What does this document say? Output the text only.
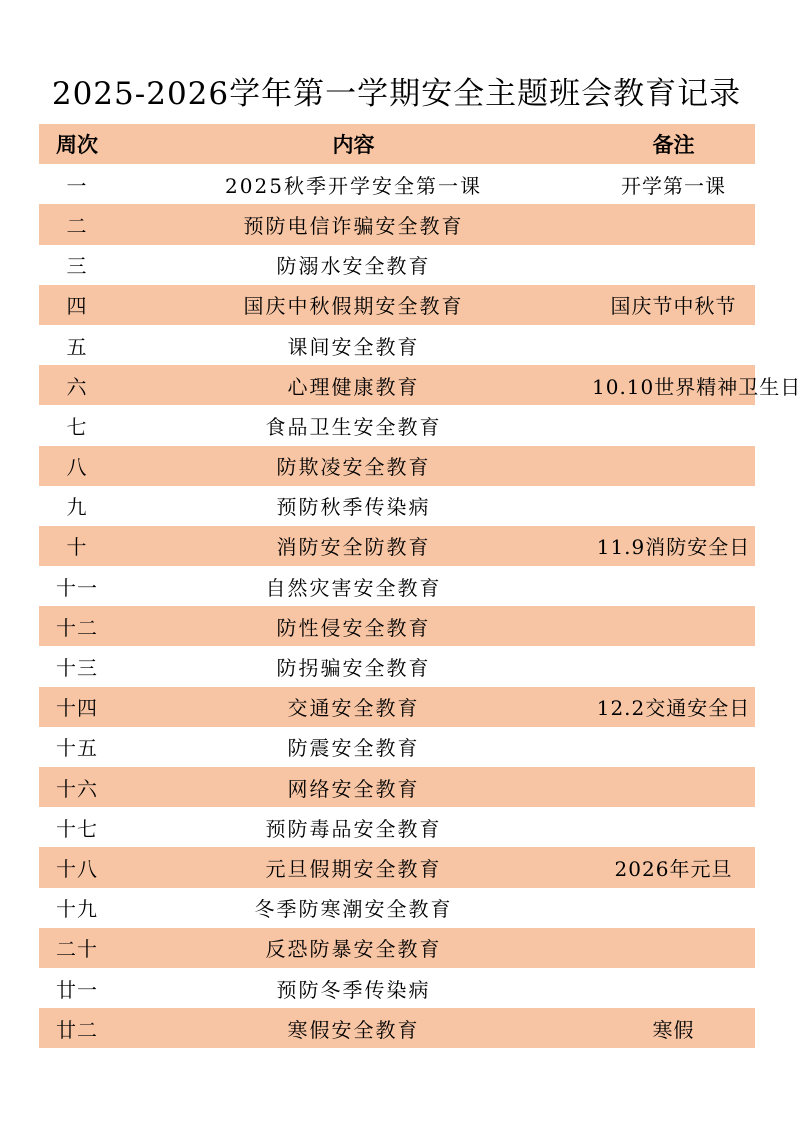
2025-2026学年第一学期安全主题班会教育记录
周次	内容	备注
一	2025秋季开学安全第一课	开学第一课
二	预防电信诈骗安全教育	
三	防溺水安全教育	
四	国庆中秋假期安全教育	国庆节中秋节
五	课间安全教育	
六	心理健康教育	10.10世界精神卫生日
七	食品卫生安全教育	
八	防欺凌安全教育	
九	预防秋季传染病	
十	消防安全防教育	11.9消防安全日
十一	自然灾害安全教育	
十二	防性侵安全教育	
十三	防拐骗安全教育	
十四	交通安全教育	12.2交通安全日
十五	防震安全教育	
十六	网络安全教育	
十七	预防毒品安全教育	
十八	元旦假期安全教育	2026年元旦
十九	冬季防寒潮安全教育	
二十	反恐防暴安全教育	
廿一	预防冬季传染病	
廿二	寒假安全教育	寒假
